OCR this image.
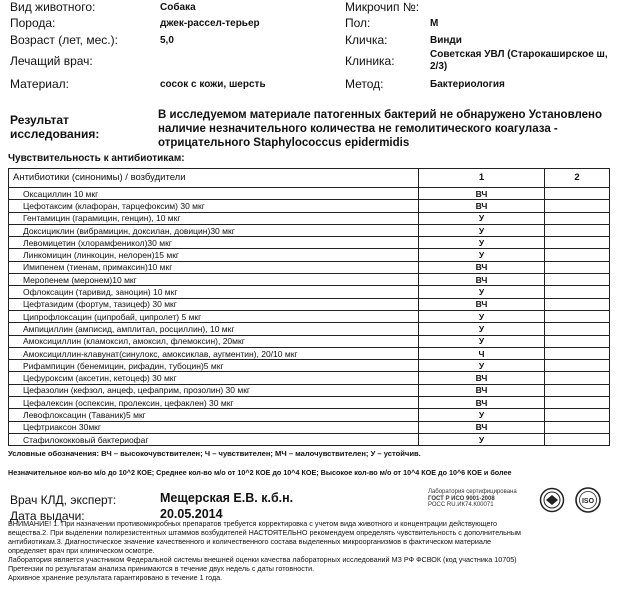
Вид животного:	Собака
Порода:	джек-рассел-терьер
Возраст (лет, мес.):	5,0
Лечащий врач:
Материал:	сосок с кожи, шерсть
Микрочип №:
Пол:	М
Кличка:	Винди
Клиника:	Советская УВЛ (Старокаширское ш, 2/3)
Метод:	Бактериология
Результат исследования:
В исследуемом материале патогенных бактерий не обнаружено Установлено наличие незначительного количества не гемолитического коагулаза - отрицательного Staphylococcus epidermidis
Чувствительность к антибиотикам:
Антибиотики (синонимы) / возбудители	1	2
Оксациллин 10 мкг	ВЧ	
Цефотаксим (клафоран, тарцефоксим) 30 мкг	ВЧ	
Гентамицин (гарамицин, генцин), 10 мкг	У	
Доксициклин (вибрамицин, доксилан, довицин)30 мкг	У	
Левомицетин (хлорамфеникол)30 мкг	У	
Линкомицин (линкоцин, нелорен)15 мкг	У	
Имипенем (тиенам, примаксин)10 мкг	ВЧ	
Меропенем (меронем)10 мкг	ВЧ	
Офлоксацин (таривид, заноцин) 10 мкг	У	
Цефтазидим (фортум, тазицеф) 30 мкг	ВЧ	
Ципрофлоксацин (ципробай, ципролет) 5 мкг	У	
Ампициллин (амписид, амплитал, росциллин), 10 мкг	У	
Амоксициллин (кламоксил, амоксил, флемоксин), 20мкг	У	
Амоксициллин-клавунат(синулокс, амоксиклав, аугментин), 20/10 мкг	Ч	
Рифампицин (бенемицин, рифадин, тубоцин)5 мкг	У	
Цефуроксим (аксетин, кетоцеф) 30 мкг	ВЧ	
Цефазолин (кефзол, анцеф, цефаприм, прозолин) 30 мкг	ВЧ	
Цефалексин (оспексин, пролексин, цефаклен) 30 мкг	ВЧ	
Левофлоксацин (Таваник)5 мкг	У	
Цефтриаксон 30мкг	ВЧ	
Стафилококковый бактериофаг	У	
Условные обозначения: ВЧ – высокочувствителен; Ч – чувствителен; МЧ – малочувствителен; У – устойчив.
Незначительное кол-во м/о до 10^2 КОЕ; Среднее кол-во м/о от 10^2 КОЕ до 10^4 КОЕ; Высокое кол-во м/о от 10^4 КОЕ до 10^6 КОЕ и более
Врач КЛД, эксперт:	Мещерская Е.В. к.б.н.
Дата выдачи:	20.05.2014
Лаборатория сертифицирована
ГОСТ Р ИСО 9001-2008
РОСС RU.ИК74.К00071	ISO
ВНИМАНИЕ! 1. При назначении противомикробных препаратов требуется корректировка с учетом вида животного и концентрации действующего
вещества.2. При выделении полирезистентных штаммов возбудителей НАСТОЯТЕЛЬНО рекомендуем определять чувствительность с дополнительным
антибиотикам.3. Диагностическое значение качественного и количественного состава выделенных микроорганизмов в фактическом материале
определяет врач при клиническом осмотре.
Лаборатория является участником Федеральной системы внешней оценки качества лабораторных исследований МЗ РФ ФСВОК (код участника 10705)
Претензии по результатам анализа принимаются в течение двух недель с даты готовности.
Архивное хранение результата гарантировано в течение 1 года.
